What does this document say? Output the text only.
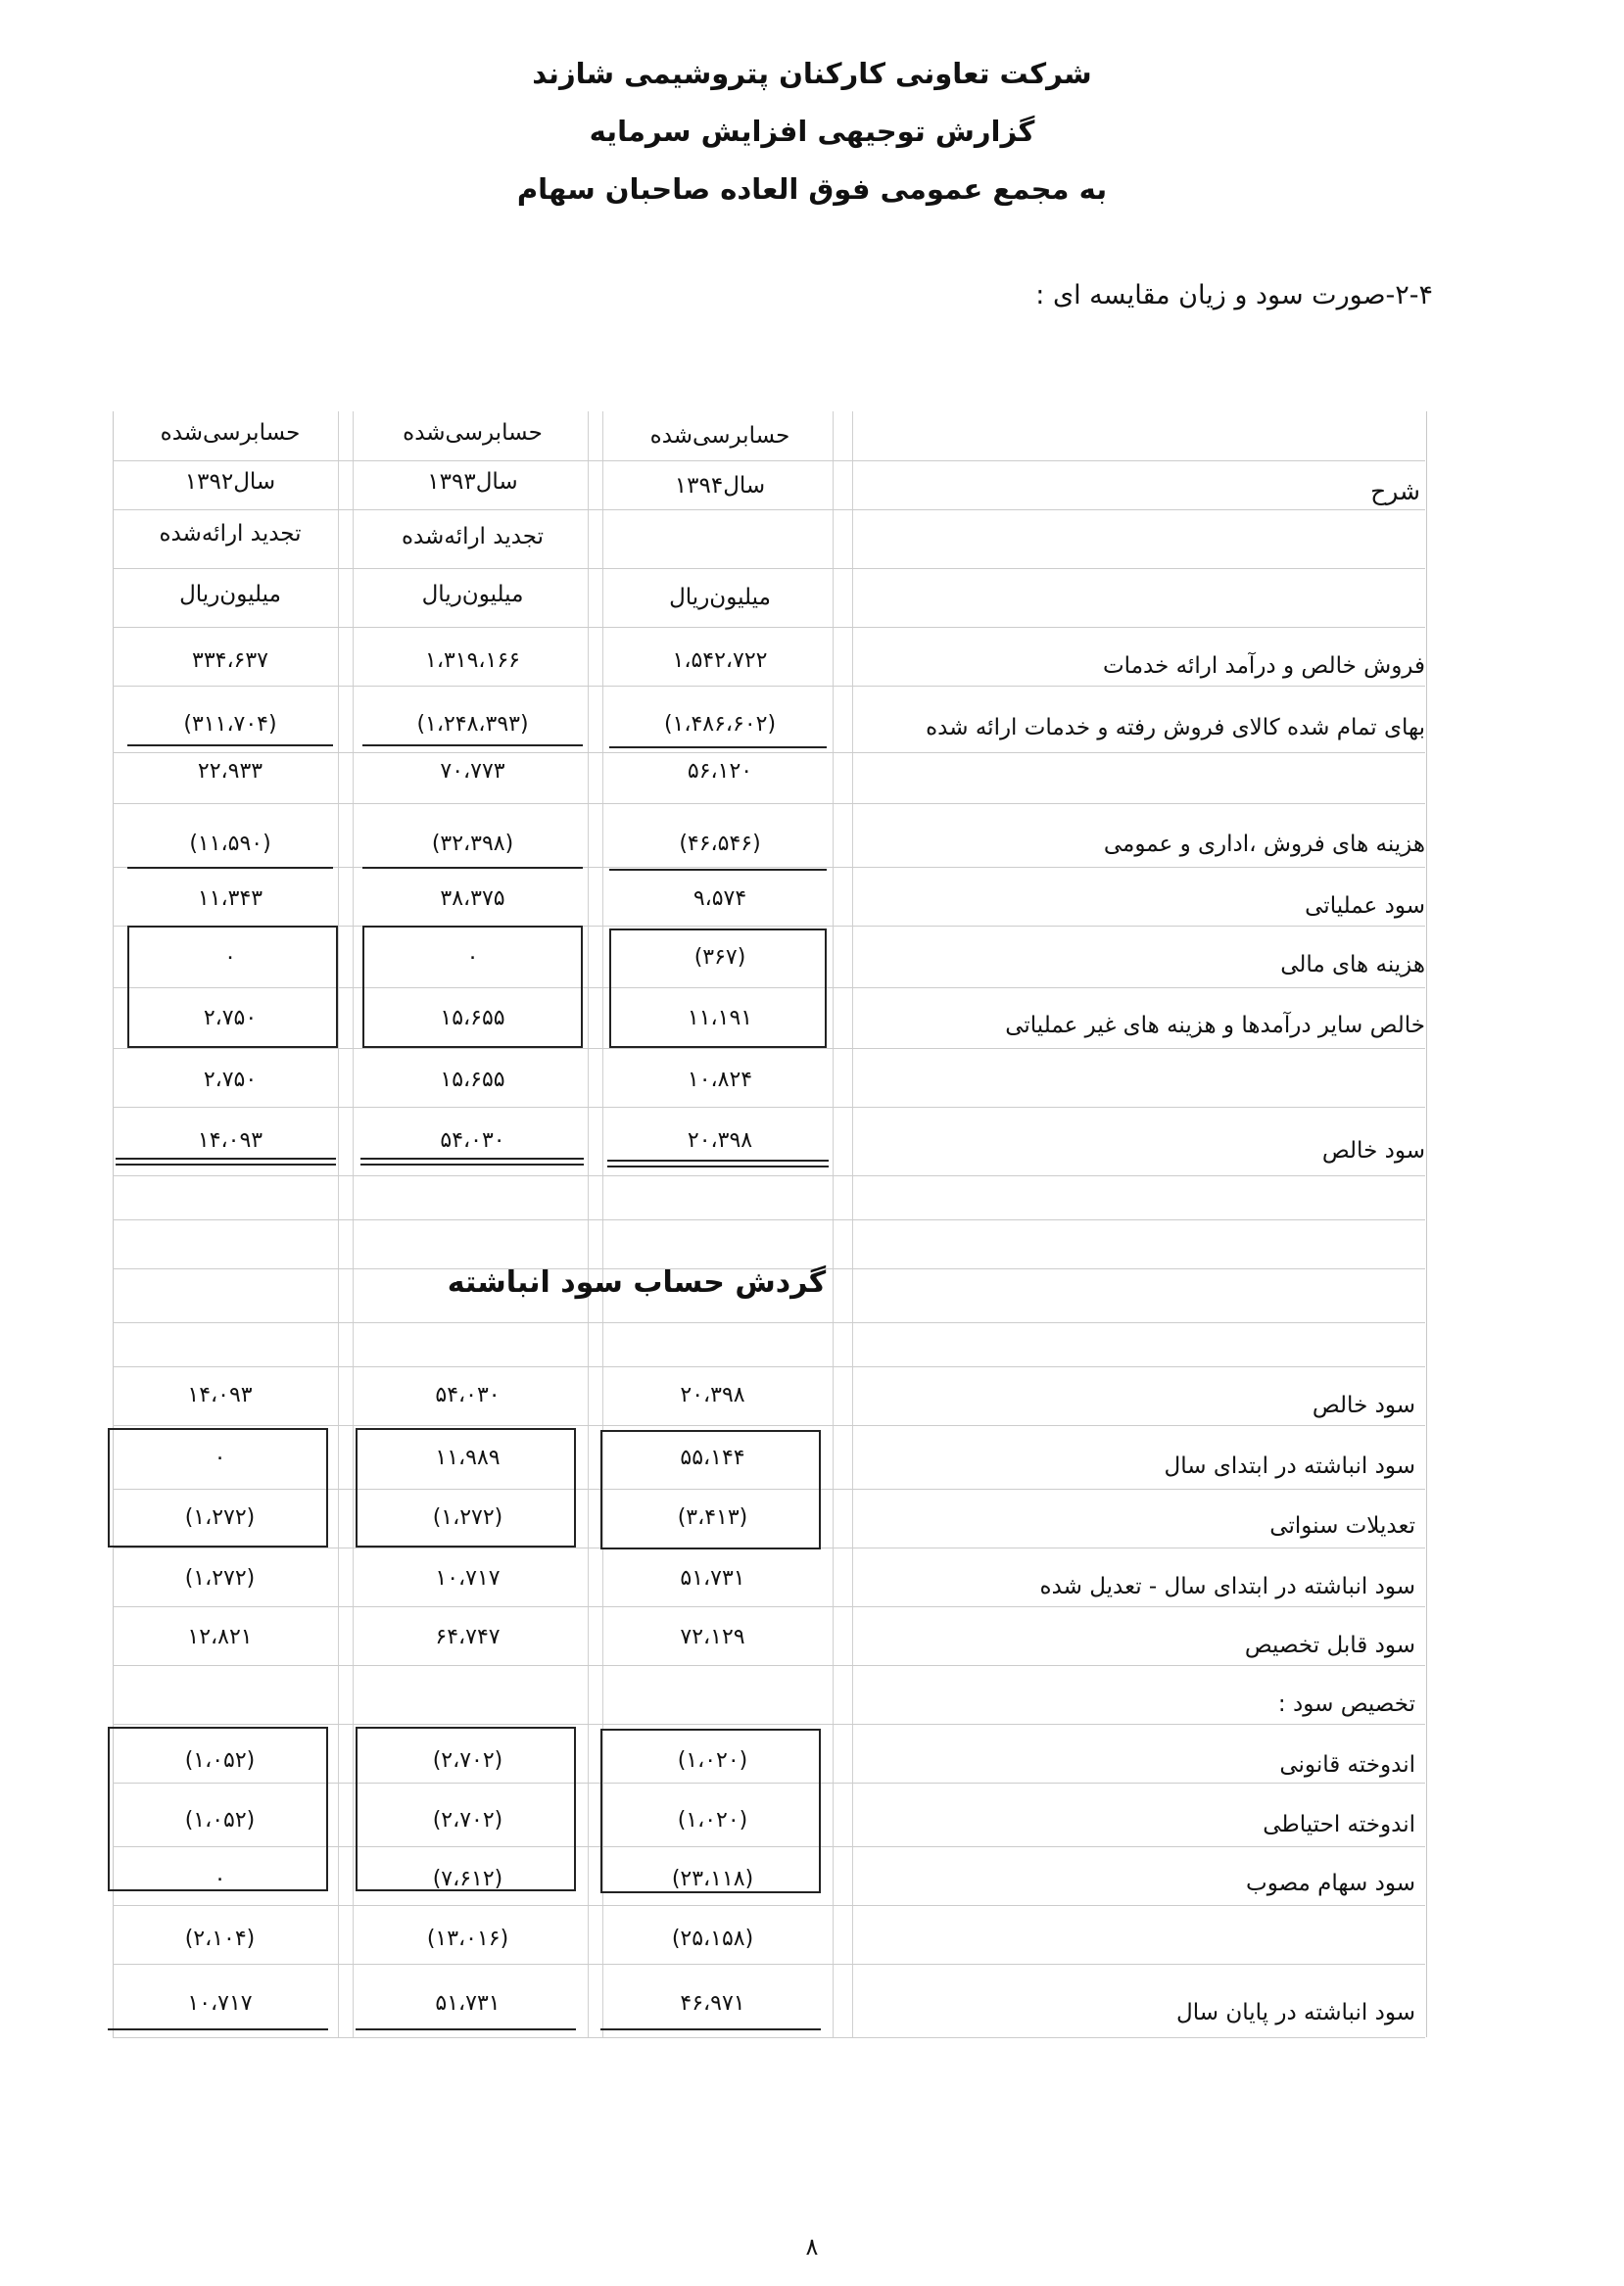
شرکت تعاونی کارکنان پتروشیمی شازند
گزارش توجیهی افزایش سرمایه
به مجمع عمومی فوق العاده صاحبان سهام
۲-۴-صورت سود و زیان مقایسه ای :
حسابرسی‌شده
سال۱۳۹۲
تجدید ارائه‌شده
میلیون‌ریال
حسابرسی‌شده
سال۱۳۹۳
تجدید ارائه‌شده
میلیون‌ریال
حسابرسی‌شده
سال۱۳۹۴
میلیون‌ریال
شرح
فروش خالص و درآمد ارائه خدمات
۱،۵۴۲،۷۲۲
۱،۳۱۹،۱۶۶
۳۳۴،۶۳۷
بهای تمام شده کالای فروش رفته و خدمات ارائه شده
(۱،۴۸۶،۶۰۲)
(۱،۲۴۸،۳۹۳)
(۳۱۱،۷۰۴)
۵۶،۱۲۰
۷۰،۷۷۳
۲۲،۹۳۳
هزینه های فروش ،اداری و عمومی
(۴۶،۵۴۶)
(۳۲،۳۹۸)
(۱۱،۵۹۰)
سود عملیاتی
۹،۵۷۴
۳۸،۳۷۵
۱۱،۳۴۳
هزینه های مالی
(۳۶۷)
۰
۰
خالص سایر درآمدها و هزینه های غیر عملیاتی
۱۱،۱۹۱
۱۵،۶۵۵
۲،۷۵۰
۱۰،۸۲۴
۱۵،۶۵۵
۲،۷۵۰
سود خالص
۲۰،۳۹۸
۵۴،۰۳۰
۱۴،۰۹۳
گردش حساب سود انباشته
سود خالص
۲۰،۳۹۸
۵۴،۰۳۰
۱۴،۰۹۳
سود انباشته در ابتدای سال
۵۵،۱۴۴
۱۱،۹۸۹
۰
تعدیلات سنواتی
(۳،۴۱۳)
(۱،۲۷۲)
(۱،۲۷۲)
سود انباشته در ابتدای سال - تعدیل شده
۵۱،۷۳۱
۱۰،۷۱۷
(۱،۲۷۲)
سود قابل تخصیص
۷۲،۱۲۹
۶۴،۷۴۷
۱۲،۸۲۱
تخصیص سود :
اندوخته قانونی
(۱،۰۲۰)
(۲،۷۰۲)
(۱،۰۵۲)
اندوخته احتیاطی
(۱،۰۲۰)
(۲،۷۰۲)
(۱،۰۵۲)
سود سهام مصوب
(۲۳،۱۱۸)
(۷،۶۱۲)
۰
(۲۵،۱۵۸)
(۱۳،۰۱۶)
(۲،۱۰۴)
سود انباشته در پایان سال
۴۶،۹۷۱
۵۱،۷۳۱
۱۰،۷۱۷
۸
